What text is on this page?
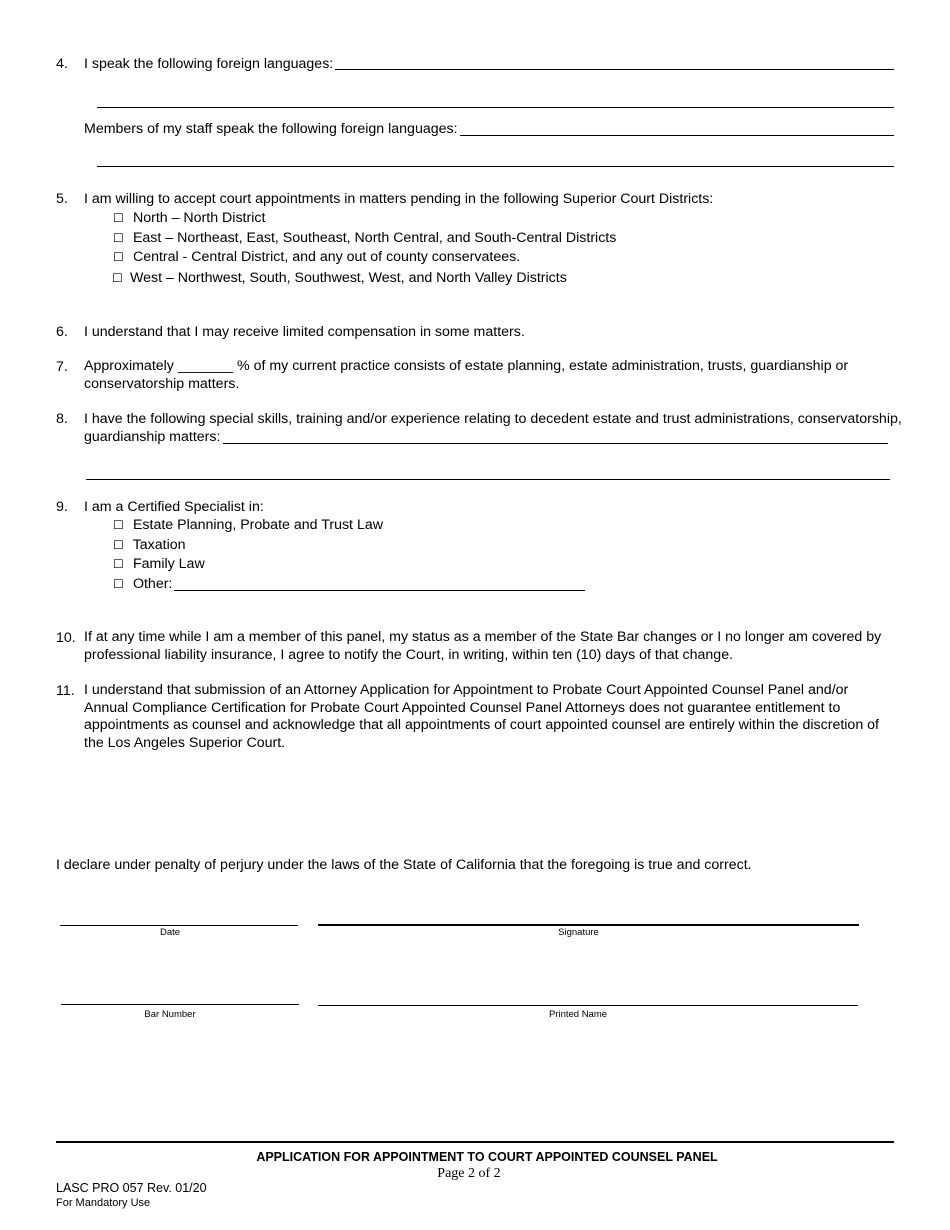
4. I speak the following foreign languages:
Members of my staff speak the following foreign languages:
5. I am willing to accept court appointments in matters pending in the following Superior Court Districts:
☐ North – North District
☐ East – Northeast, East, Southeast, North Central, and South-Central Districts
☐ Central - Central District, and any out of county conservatees.
☐ West – Northwest, South, Southwest, West, and North Valley Districts
6. I understand that I may receive limited compensation in some matters.
7. Approximately _______ % of my current practice consists of estate planning, estate administration, trusts, guardianship or conservatorship matters.
8. I have the following special skills, training and/or experience relating to decedent estate and trust administrations, conservatorship,
guardianship matters:
9. I am a Certified Specialist in:
☐ Estate Planning, Probate and Trust Law
☐ Taxation
☐ Family Law
☐ Other:
10. If at any time while I am a member of this panel, my status as a member of the State Bar changes or I no longer am covered by professional liability insurance, I agree to notify the Court, in writing, within ten (10) days of that change.
11. I understand that submission of an Attorney Application for Appointment to Probate Court Appointed Counsel Panel and/or Annual Compliance Certification for Probate Court Appointed Counsel Panel Attorneys does not guarantee entitlement to appointments as counsel and acknowledge that all appointments of court appointed counsel are entirely within the discretion of the Los Angeles Superior Court.
I declare under penalty of perjury under the laws of the State of California that the foregoing is true and correct.
Date	Signature
Bar Number	Printed Name
APPLICATION FOR APPOINTMENT TO COURT APPOINTED COUNSEL PANEL
Page 2 of 2
LASC PRO 057 Rev. 01/20
For Mandatory Use
